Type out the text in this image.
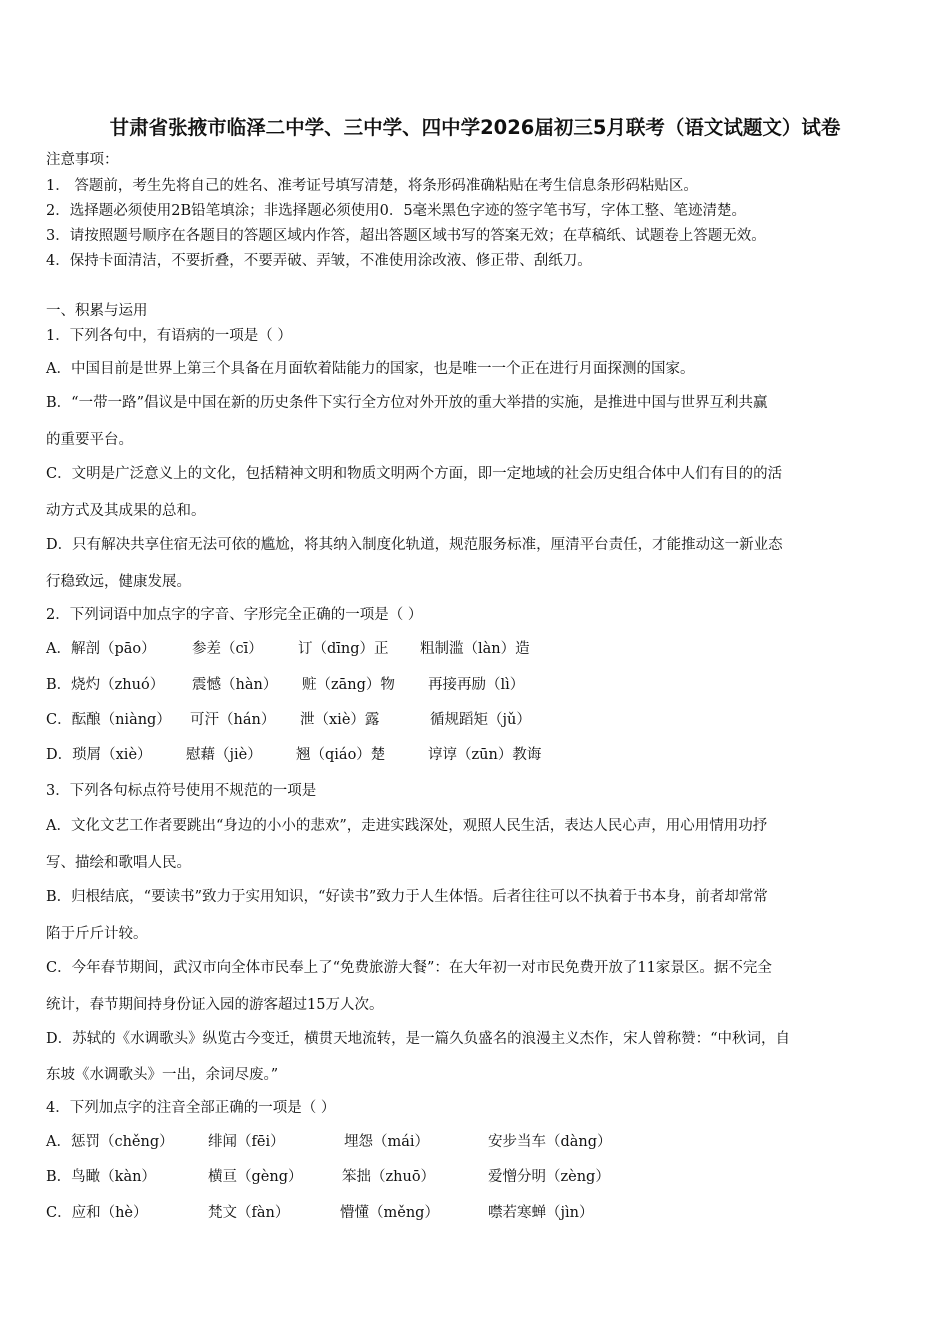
甘肃省张掖市临泽二中学、三中学、四中学2026届初三5月联考（语文试题文）试卷
注意事项：
1． 答题前，考生先将自己的姓名、准考证号填写清楚，将条形码准确粘贴在考生信息条形码粘贴区。
2．选择题必须使用2B铅笔填涂；非选择题必须使用0．5毫米黑色字迹的签字笔书写，字体工整、笔迹清楚。
3．请按照题号顺序在各题目的答题区域内作答，超出答题区域书写的答案无效；在草稿纸、试题卷上答题无效。
4．保持卡面清洁，不要折叠，不要弄破、弄皱，不准使用涂改液、修正带、刮纸刀。
一、积累与运用
1．下列各句中，有语病的一项是（ ）
A．中国目前是世界上第三个具备在月面软着陆能力的国家，也是唯一一个正在进行月面探测的国家。
B．“一带一路”倡议是中国在新的历史条件下实行全方位对外开放的重大举措的实施，是推进中国与世界互利共赢
的重要平台。
C．文明是广泛意义上的文化，包括精神文明和物质文明两个方面，即一定地域的社会历史组合体中人们有目的的活
动方式及其成果的总和。
D．只有解决共享住宿无法可依的尴尬，将其纳入制度化轨道，规范服务标准，厘清平台责任，才能推动这一新业态
行稳致远，健康发展。
2．下列词语中加点字的字音、字形完全正确的一项是（ ）
A．解剖（pāo）	参差（cī） 订（dīng）正 粗制滥（làn）造
B．烧灼（zhuó） 震憾（hàn） 赃（zāng）物 再接再励（lì）
C．酝酿（niàng） 可汗（hán） 泄（xiè）露	循规蹈矩（jǔ）
D．琐屑（xiè） 慰藉（jiè） 翘（qiáo）楚	谆谆（zūn）教诲
3．下列各句标点符号使用不规范的一项是
A．文化文艺工作者要跳出“身边的小小的悲欢”，走进实践深处，观照人民生活，表达人民心声，用心用情用功抒
写、描绘和歌唱人民。
B．归根结底，“要读书”致力于实用知识，“好读书”致力于人生体悟。后者往往可以不执着于书本身，前者却常常
陷于斤斤计较。
C．今年春节期间，武汉市向全体市民奉上了“免费旅游大餐”：在大年初一对市民免费开放了11家景区。据不完全
统计，春节期间持身份证入园的游客超过15万人次。
D．苏轼的《水调歌头》纵览古今变迁，横贯天地流转，是一篇久负盛名的浪漫主义杰作，宋人曾称赞：“中秋词，自
东坡《水调歌头》一出，余词尽废。”
4．下列加点字的注音全部正确的一项是（ ）
A．惩罚（chěng） 绯闻（fēi）	埋怨（mái）	安步当车（dàng）
B．鸟瞰（kàn）	横亘（gèng）	笨拙（zhuō）	爱憎分明（zèng）
C．应和（hè）	梵文（fàn）	懵懂（měng）	噤若寒蝉（jìn）
